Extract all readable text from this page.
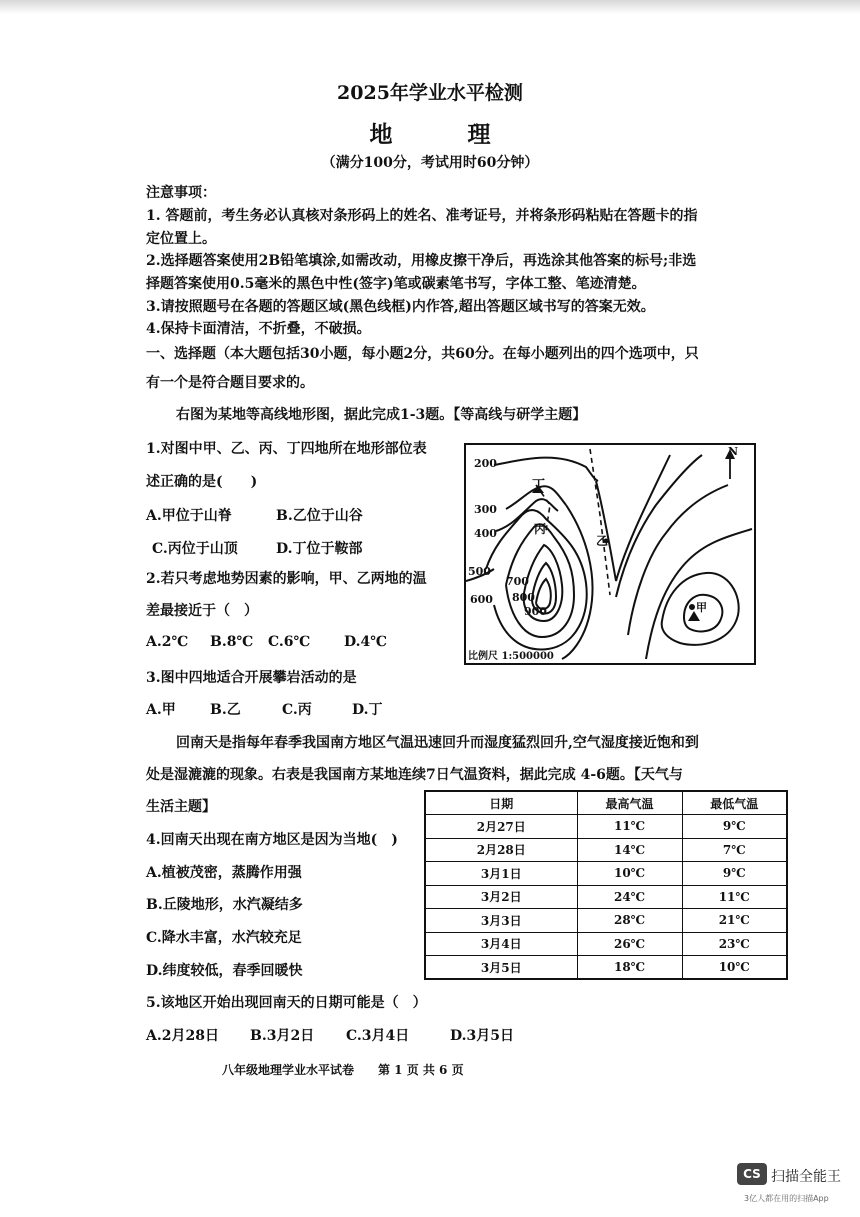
2025年学业水平检测
地　理
（满分100分，考试用时60分钟）
注意事项：
1. 答题前，考生务必认真核对条形码上的姓名、准考证号，并将条形码粘贴在答题卡的指
定位置上。
2.选择题答案使用2B铅笔填涂,如需改动，用橡皮擦干净后，再选涂其他答案的标号;非选
择题答案使用0.5毫米的黑色中性(签字)笔或碳素笔书写，字体工整、笔迹清楚。
3.请按照题号在各题的答题区域(黑色线框)内作答,超出答题区域书写的答案无效。
4.保持卡面清洁，不折叠，不破损。
一、选择题（本大题包括30小题，每小题2分，共60分。在每小题列出的四个选项中，只
有一个是符合题目要求的。
右图为某地等高线地形图，据此完成1-3题。【等高线与研学主题】
1.对图中甲、乙、丙、丁四地所在地形部位表
述正确的是(　　)
A.甲位于山脊	B.乙位于山谷
C.丙位于山顶	D.丁位于鞍部
2.若只考虑地势因素的影响，甲、乙两地的温
差最接近于（　）
A.2℃ B.8℃ C.6℃ D.4℃
3.图中四地适合开展攀岩活动的是
A.甲 B.乙	C.丙	D.丁
N
200
300
400
500
600
700
800
900
丁
丙
乙
甲
比例尺 1:500000
回南天是指每年春季我国南方地区气温迅速回升而湿度猛烈回升,空气湿度接近饱和到
处是湿漉漉的现象。右表是我国南方某地连续7日气温资料，据此完成 4-6题。【天气与
生活主题】	日期	最高气温	最低气温
2月27日	11℃	9℃
2月28日	14℃	7℃
3月1日	10℃	9℃
3月2日	24℃	11℃
3月3日	28℃	21℃
3月4日	26℃	23℃
3月5日	18℃	10℃
4.回南天出现在南方地区是因为当地(　)
A.植被茂密，蒸腾作用强
B.丘陵地形，水汽凝结多
C.降水丰富，水汽较充足
D.纬度较低，春季回暖快
5.该地区开始出现回南天的日期可能是（　）
A.2月28日 B.3月2日 C.3月4日	D.3月5日
八年级地理学业水平试卷　　第 1 页 共 6 页
CS 扫描全能王
3亿人都在用的扫描App
